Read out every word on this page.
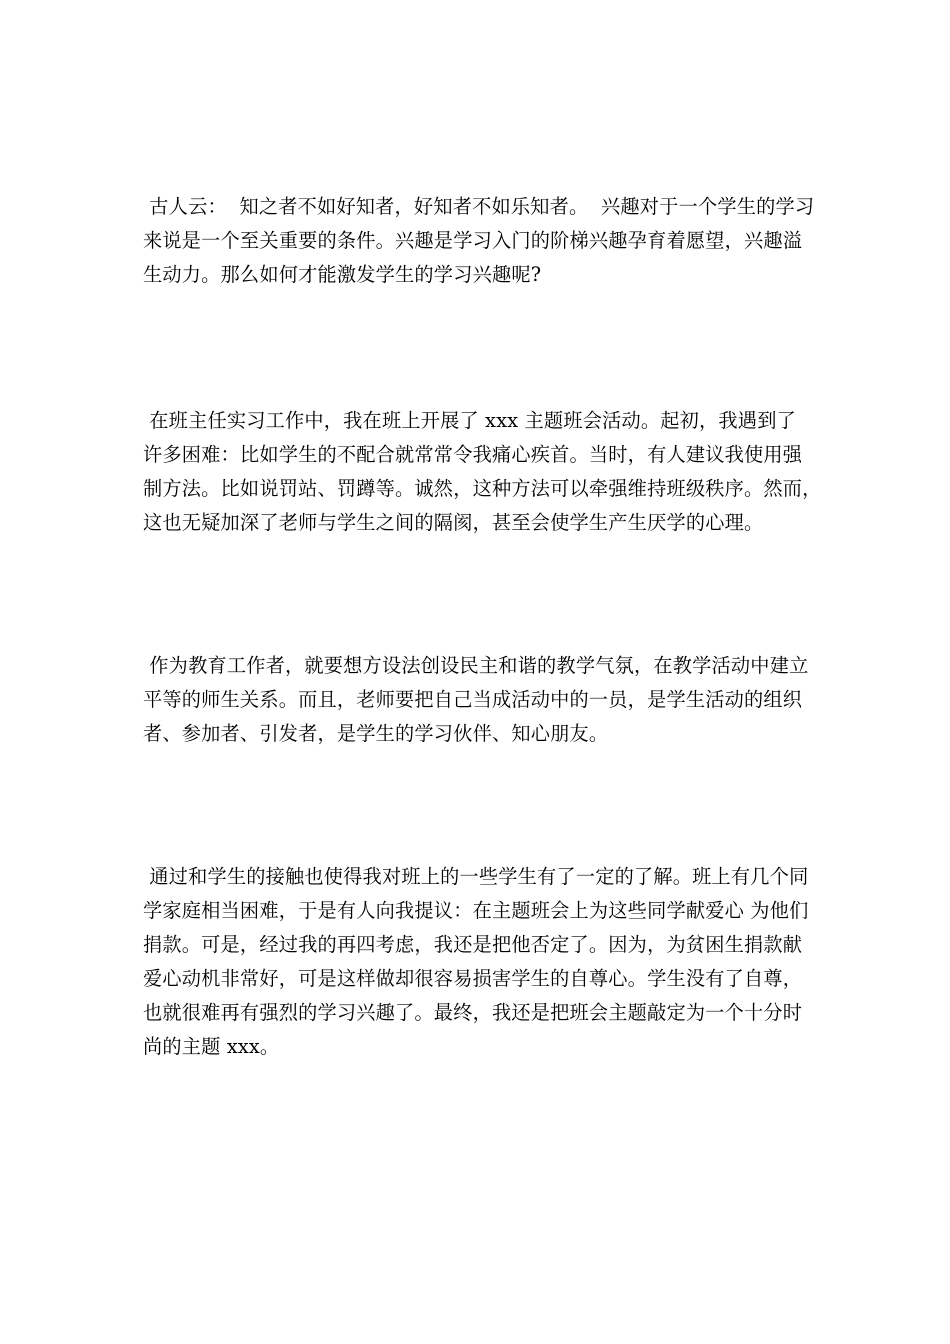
古人云：  知之者不如好知者，好知者不如乐知者。  兴趣对于一个学生的学习
来说是一个至关重要的条件。兴趣是学习入门的阶梯兴趣孕育着愿望，兴趣溢
生动力。那么如何才能激发学生的学习兴趣呢?

在班主任实习工作中，我在班上开展了 xxx 主题班会活动。起初，我遇到了
许多困难：比如学生的不配合就常常令我痛心疾首。当时，有人建议我使用强
制方法。比如说罚站、罚蹲等。诚然，这种方法可以牵强维持班级秩序。然而，
这也无疑加深了老师与学生之间的隔阂，甚至会使学生产生厌学的心理。

作为教育工作者，就要想方设法创设民主和谐的教学气氛，在教学活动中建立
平等的师生关系。而且，老师要把自己当成活动中的一员，是学生活动的组织
者、参加者、引发者，是学生的学习伙伴、知心朋友。

通过和学生的接触也使得我对班上的一些学生有了一定的了解。班上有几个同
学家庭相当困难，于是有人向我提议：在主题班会上为这些同学献爱心 为他们
捐款。可是，经过我的再四考虑，我还是把他否定了。因为，为贫困生捐款献
爱心动机非常好，可是这样做却很容易损害学生的自尊心。学生没有了自尊，
也就很难再有强烈的学习兴趣了。最终，我还是把班会主题敲定为一个十分时
尚的主题 xxx。
